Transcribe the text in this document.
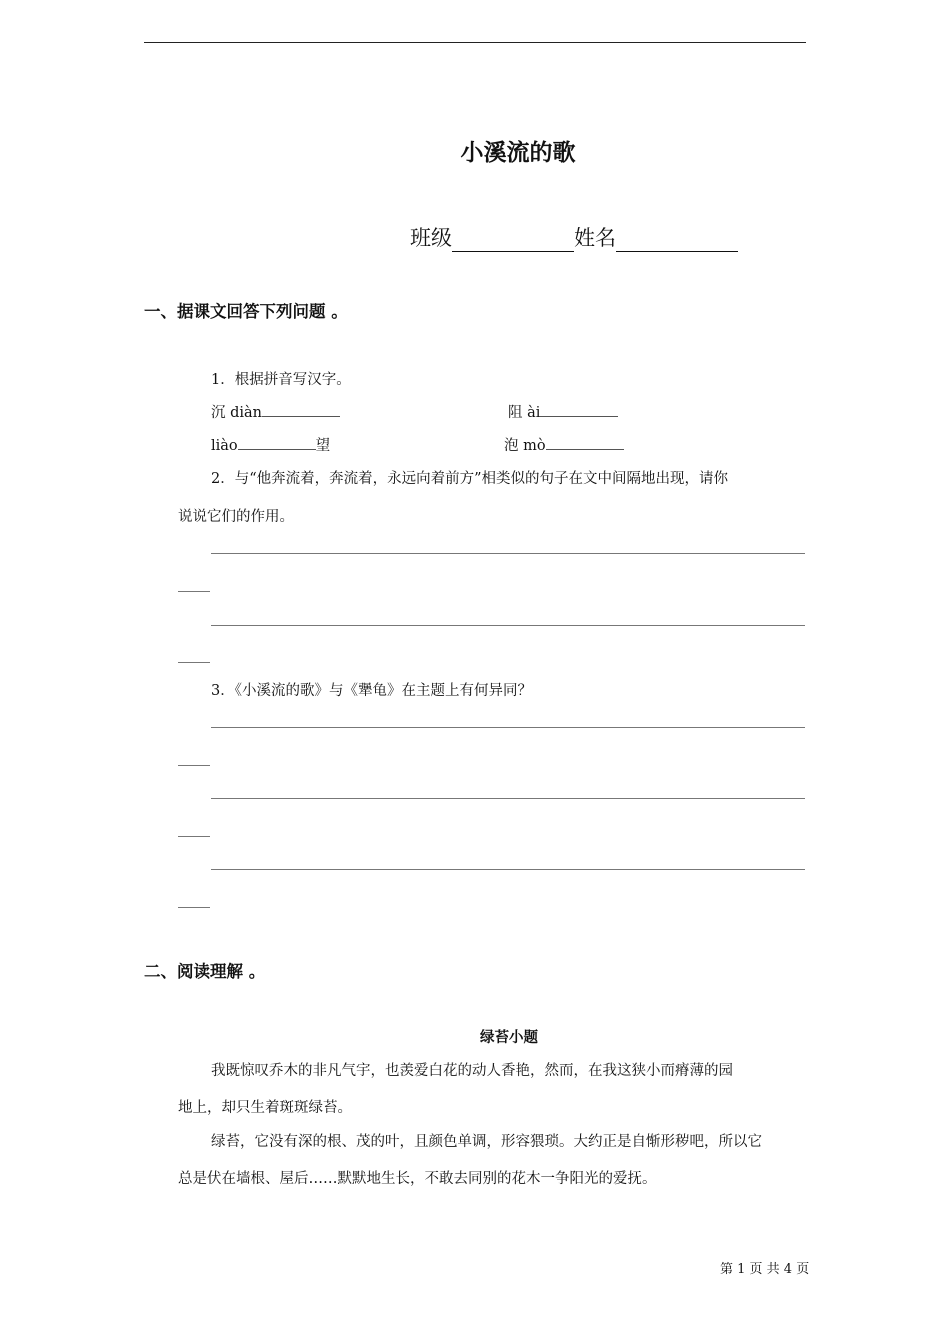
小溪流的歌
班级	姓名
一、据课文回答下列问题 。
1．根据拼音写汉字。
沉 diàn	阻 ài
liào	望	泡 mò
2．与“他奔流着，奔流着，永远向着前方”相类似的句子在文中间隔地出现，请你
说说它们的作用。
3．《小溪流的歌》与《犟龟》在主题上有何异同？
二、阅读理解 。
绿苔小题
我既惊叹乔木的非凡气宇，也羡爱白花的动人香艳，然而，在我这狭小而瘠薄的园
地上，却只生着斑斑绿苔。
绿苔，它没有深的根、茂的叶，且颜色单调，形容猥琐。大约正是自惭形秽吧，所以它
总是伏在墙根、屋后……默默地生长，不敢去同别的花木一争阳光的爱抚。
第 1 页 共 4 页
